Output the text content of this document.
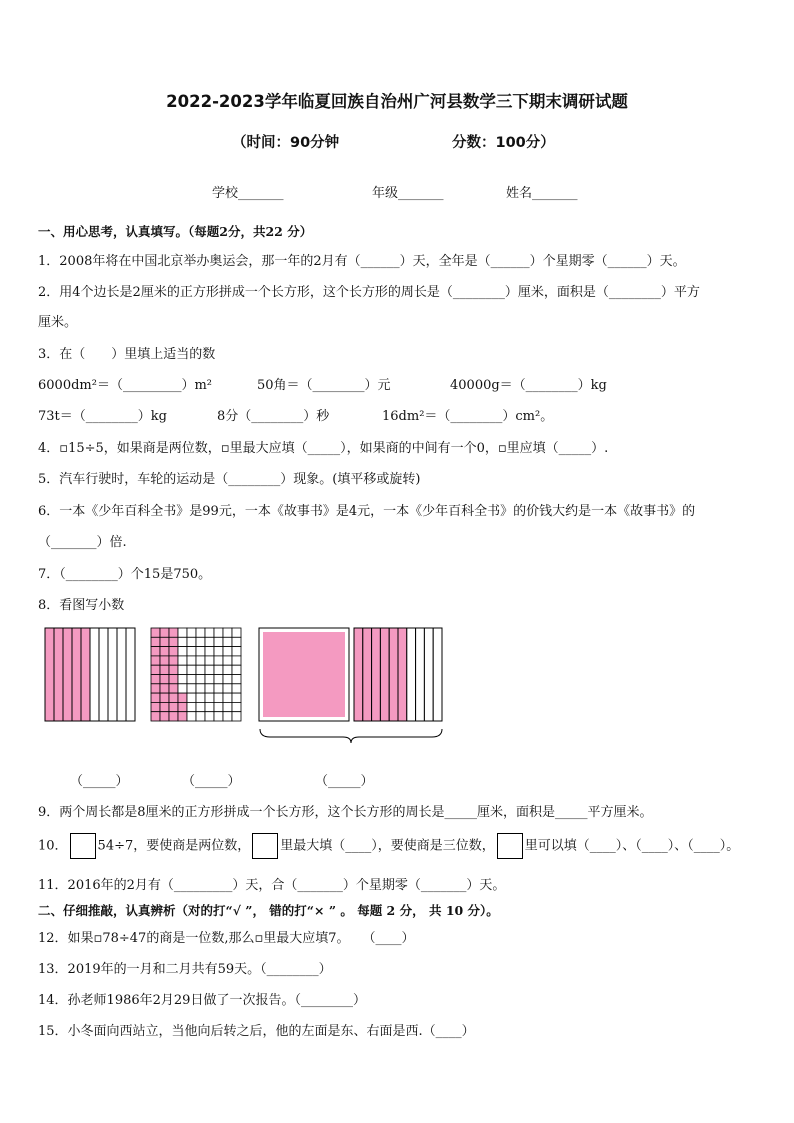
2022-2023学年临夏回族自治州广河县数学三下期末调研试题
（时间：90分钟	分数：100分）
学校_______	年级_______	姓名_______
一、用心思考，认真填写。（每题2分，共22 分）
1．2008年将在中国北京举办奥运会，那一年的2月有（______）天，全年是（______）个星期零（______）天。
2．用4个边长是2厘米的正方形拼成一个长方形，这个长方形的周长是（________）厘米，面积是（________）平方
厘米。
3．在（　　）里填上适当的数
6000dm²＝（_________）m²	50角＝（________）元	40000g＝（________）kg
73t＝（________）kg	8分（________）秒	16dm²＝（________）cm²。
4．▫15÷5，如果商是两位数，▫里最大应填（_____），如果商的中间有一个0，▫里应填（_____）.
5．汽车行驶时，车轮的运动是（________）现象。(填平移或旋转)
6．一本《少年百科全书》是99元，一本《故事书》是4元，一本《少年百科全书》的价钱大约是一本《故事书》的
（_______）倍.
7．（________）个15是750。
8．看图写小数
（_____）	（_____）	（_____）
9．两个周长都是8厘米的正方形拼成一个长方形，这个长方形的周长是_____厘米，面积是_____平方厘米。
10． 54÷7，要使商是两位数， 里最大填（____），要使商是三位数， 里可以填（____）、（____）、（____）。
11．2016年的2月有（_________）天，合（_______）个星期零（_______）天。
二、仔细推敲，认真辨析（对的打“√ ”， 错的打“× ” 。 每题 2 分， 共 10 分）。
12．如果▫78÷47的商是一位数,那么▫里最大应填7。　　（____）
13．2019年的一月和二月共有59天。（________）
14．孙老师1986年2月29日做了一次报告。（________）
15．小冬面向西站立，当他向后转之后，他的左面是东、右面是西.（____）
